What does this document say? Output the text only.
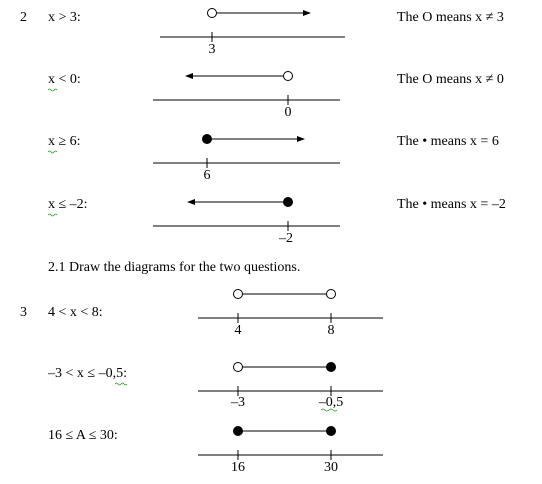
2 x > 3:	The O means x ≠ 3
x < 0:	The O means x ≠ 0
x ≥ 6:	The • means x = 6
x ≤ –2:	The • means x = –2
2.1 Draw the diagrams for the two questions.
3 4 < x < 8:
–3 < x ≤ –0,5:
16 ≤ A ≤ 30:
3
0
6
–2
4	8
–3	–0,5
16	30
